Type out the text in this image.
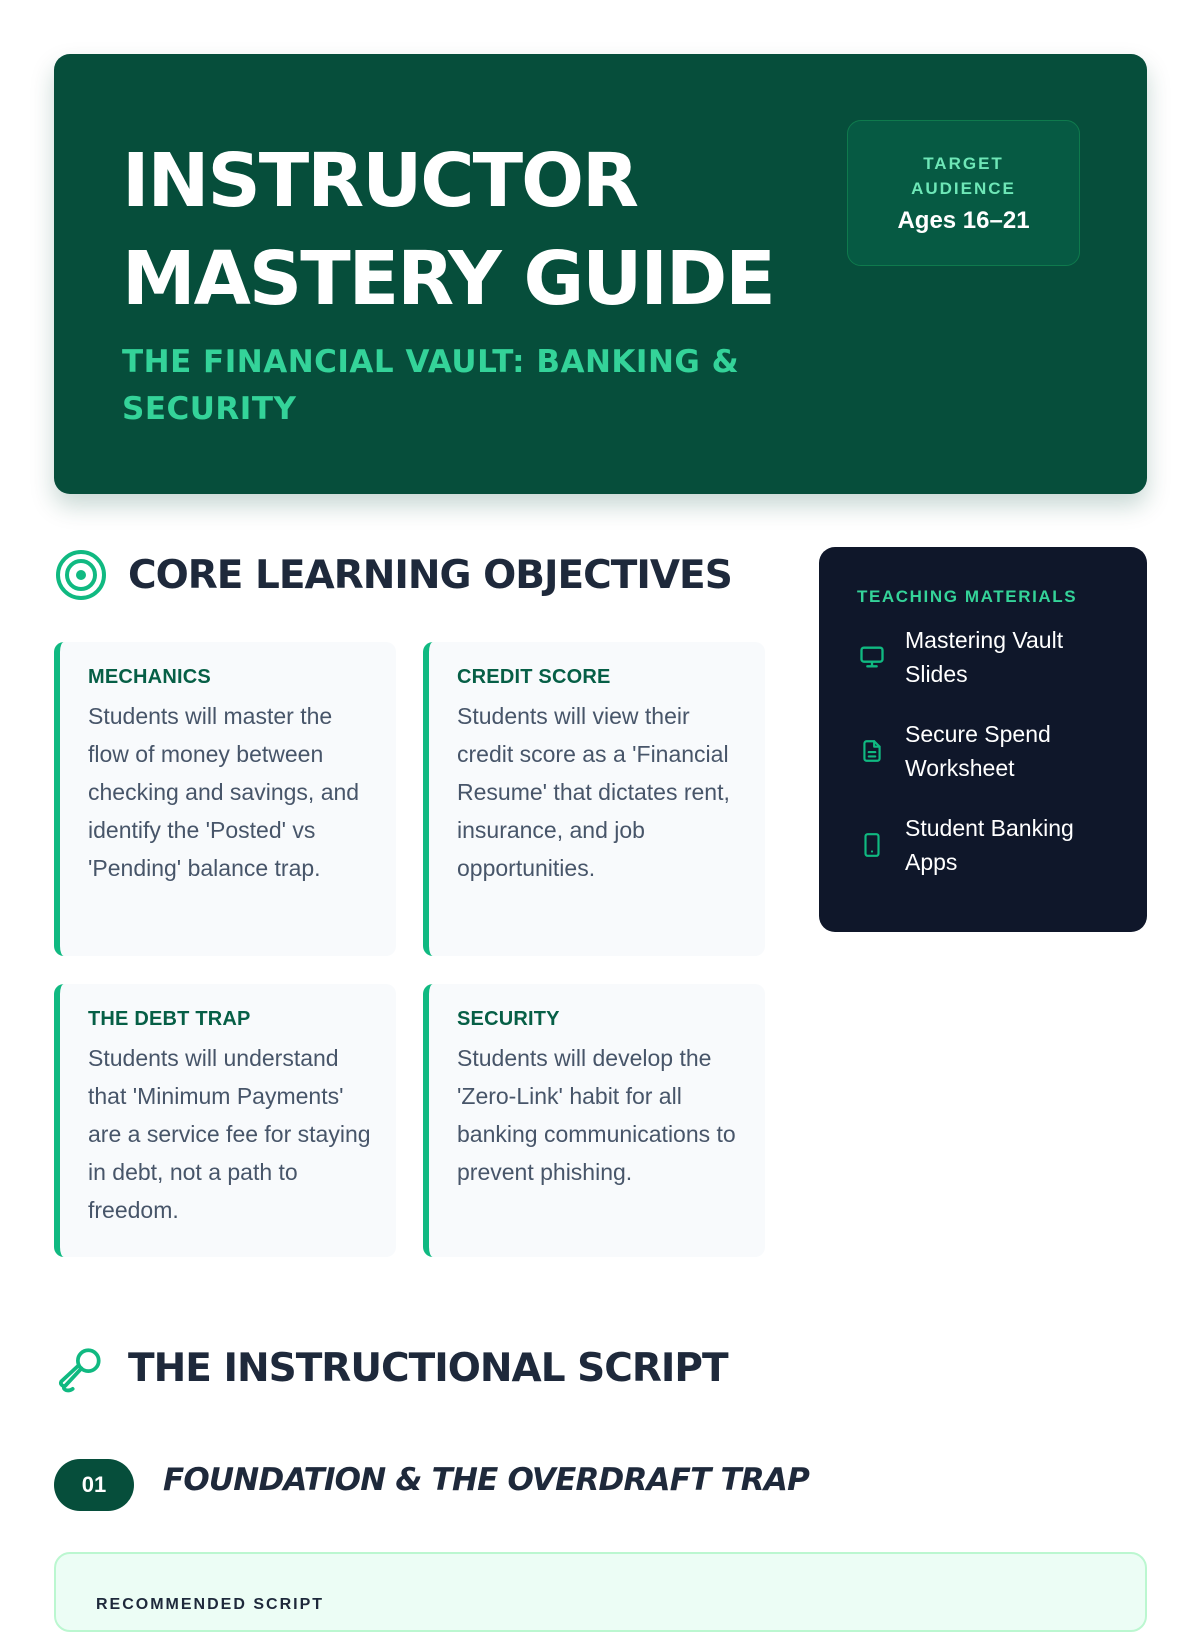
INSTRUCTOR MASTERY GUIDE
THE FINANCIAL VAULT: BANKING & SECURITY
TARGET AUDIENCE
Ages 16–21
CORE LEARNING OBJECTIVES
MECHANICS
Students will master the flow of money between checking and savings, and identify the 'Posted' vs 'Pending' balance trap.
CREDIT SCORE
Students will view their credit score as a 'Financial Resume' that dictates rent, insurance, and job opportunities.
THE DEBT TRAP
Students will understand that 'Minimum Payments' are a service fee for staying in debt, not a path to freedom.
SECURITY
Students will develop the 'Zero-Link' habit for all banking communications to prevent phishing.
TEACHING MATERIALS
Mastering Vault Slides
Secure Spend Worksheet
Student Banking Apps
THE INSTRUCTIONAL SCRIPT
01	FOUNDATION & THE OVERDRAFT TRAP
RECOMMENDED SCRIPT
